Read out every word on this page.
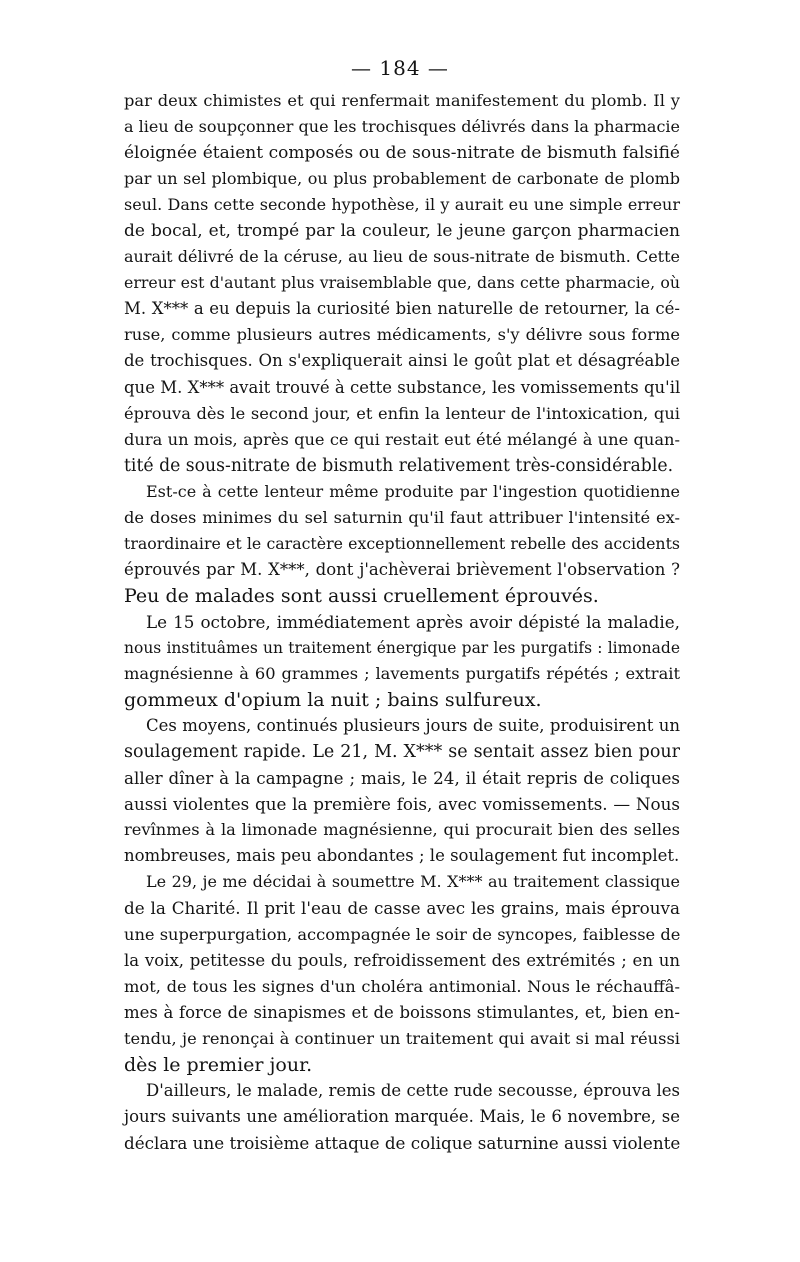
— 184 —
par deux chimistes et qui renfermait manifestement du plomb. Il y
a lieu de soupçonner que les trochisques délivrés dans la pharmacie
éloignée étaient composés ou de sous-nitrate de bismuth falsifié
par un sel plombique, ou plus probablement de carbonate de plomb
seul. Dans cette seconde hypothèse, il y aurait eu une simple erreur
de bocal, et, trompé par la couleur, le jeune garçon pharmacien
aurait délivré de la céruse, au lieu de sous-nitrate de bismuth. Cette
erreur est d'autant plus vraisemblable que, dans cette pharmacie, où
M. X*** a eu depuis la curiosité bien naturelle de retourner, la cé-
ruse, comme plusieurs autres médicaments, s'y délivre sous forme
de trochisques. On s'expliquerait ainsi le goût plat et désagréable
que M. X*** avait trouvé à cette substance, les vomissements qu'il
éprouva dès le second jour, et enfin la lenteur de l'intoxication, qui
dura un mois, après que ce qui restait eut été mélangé à une quan-
tité de sous-nitrate de bismuth relativement très-considérable.
Est-ce à cette lenteur même produite par l'ingestion quotidienne
de doses minimes du sel saturnin qu'il faut attribuer l'intensité ex-
traordinaire et le caractère exceptionnellement rebelle des accidents
éprouvés par M. X***, dont j'achèverai brièvement l'observation ?
Peu de malades sont aussi cruellement éprouvés.
Le 15 octobre, immédiatement après avoir dépisté la maladie,
nous instituâmes un traitement énergique par les purgatifs : limonade
magnésienne à 60 grammes ; lavements purgatifs répétés ; extrait
gommeux d'opium la nuit ; bains sulfureux.
Ces moyens, continués plusieurs jours de suite, produisirent un
soulagement rapide. Le 21, M. X*** se sentait assez bien pour
aller dîner à la campagne ; mais, le 24, il était repris de coliques
aussi violentes que la première fois, avec vomissements. — Nous
revînmes à la limonade magnésienne, qui procurait bien des selles
nombreuses, mais peu abondantes ; le soulagement fut incomplet.
Le 29, je me décidai à soumettre M. X*** au traitement classique
de la Charité. Il prit l'eau de casse avec les grains, mais éprouva
une superpurgation, accompagnée le soir de syncopes, faiblesse de
la voix, petitesse du pouls, refroidissement des extrémités ; en un
mot, de tous les signes d'un choléra antimonial. Nous le réchauffâ-
mes à force de sinapismes et de boissons stimulantes, et, bien en-
tendu, je renonçai à continuer un traitement qui avait si mal réussi
dès le premier jour.
D'ailleurs, le malade, remis de cette rude secousse, éprouva les
jours suivants une amélioration marquée. Mais, le 6 novembre, se
déclara une troisième attaque de colique saturnine aussi violente
